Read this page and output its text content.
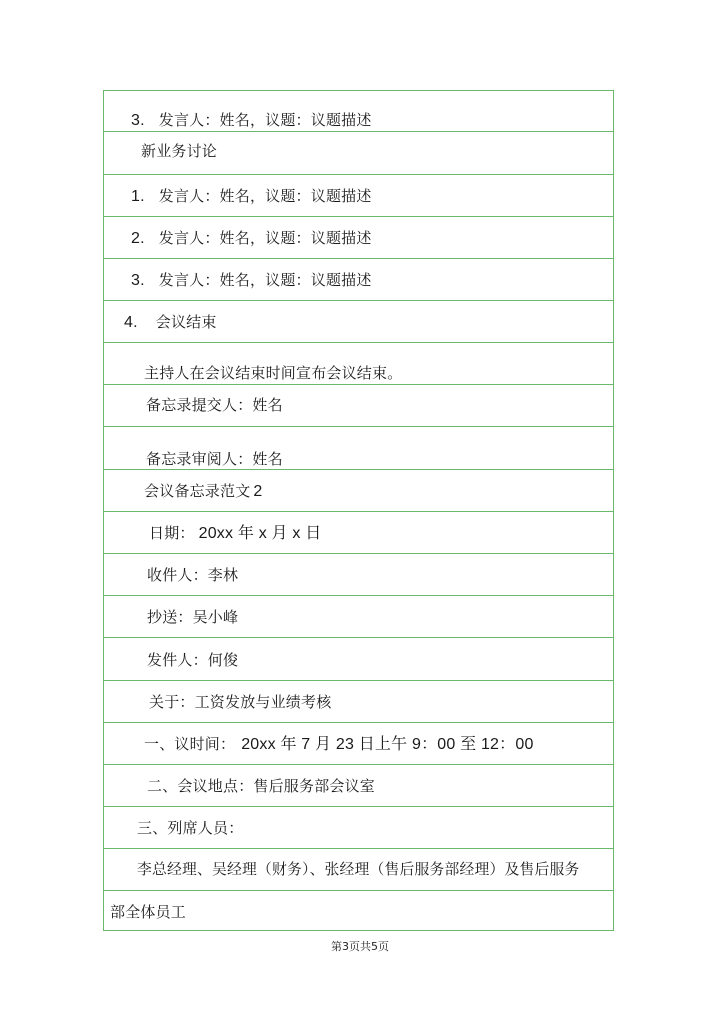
3. 发言人：姓名，议题：议题描述
新业务讨论
1. 发言人：姓名，议题：议题描述
2. 发言人：姓名，议题：议题描述
3. 发言人：姓名，议题：议题描述
4. 会议结束
主持人在会议结束时间宣布会议结束。
备忘录提交人：姓名
备忘录审阅人：姓名
会议备忘录范文 2
日期： 20xx 年 x 月 x 日
收件人：李林
抄送：吴小峰
发件人：何俊
关于：工资发放与业绩考核
一、议时间： 20xx 年 7 月 23 日上午 9：00 至 12：00
二、会议地点：售后服务部会议室
三、列席人员：
李总经理、吴经理（财务）、张经理（售后服务部经理）及售后服务
部全体员工
第3页共5页
